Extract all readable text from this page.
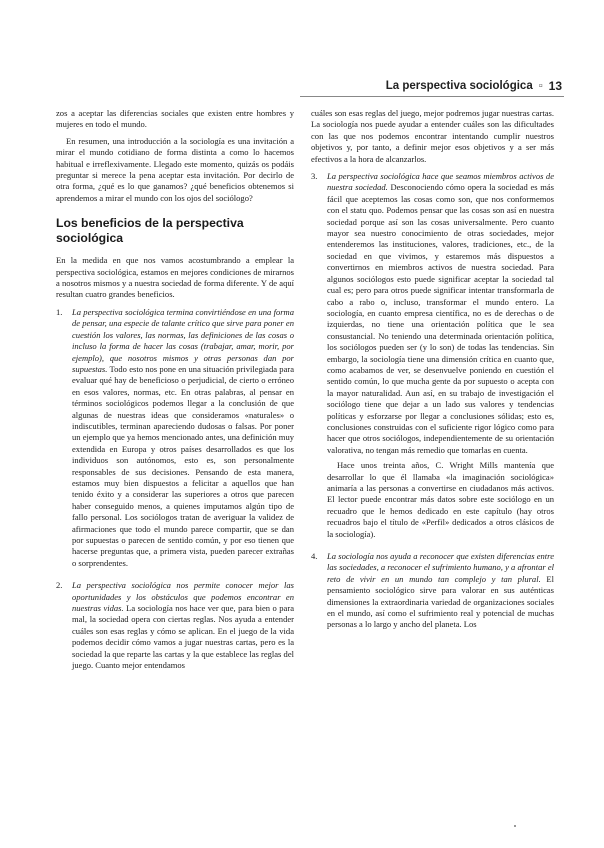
La perspectiva sociológica ▫ 13

zos a aceptar las diferencias sociales que existen entre hombres y mujeres en todo el mundo.

En resumen, una introducción a la sociología es una invitación a mirar el mundo cotidiano de forma distinta a como lo hacemos habitual e irreflexivamente. Llegado este momento, quizás os podáis preguntar si merece la pena aceptar esta invitación. Por decirlo de otra forma, ¿qué es lo que ganamos? ¿qué beneficios obtenemos si aprendemos a mirar el mundo con los ojos del sociólogo?

Los beneficios de la perspectiva sociológica

En la medida en que nos vamos acostumbrando a emplear la perspectiva sociológica, estamos en mejores condiciones de mirarnos a nosotros mismos y a nuestra sociedad de forma diferente. Y de aquí resultan cuatro grandes beneficios.

1.	La perspectiva sociológica termina convirtiéndose en una forma de pensar, una especie de talante crítico que sirve para poner en cuestión los valores, las normas, las definiciones de las cosas o incluso la forma de hacer las cosas (trabajar, amar, morir, por ejemplo), que nosotros mismos y otras personas dan por supuestas. Todo esto nos pone en una situación privilegiada para evaluar qué hay de beneficioso o perjudicial, de cierto o erróneo en esos valores, normas, etc. En otras palabras, al pensar en términos sociológicos podemos llegar a la conclusión de que algunas de nuestras ideas que consideramos «naturales» o indiscutibles, terminan apareciendo dudosas o falsas. Por poner un ejemplo que ya hemos mencionado antes, una definición muy extendida en Europa y otros países desarrollados es que los individuos son autónomos, esto es, son personalmente responsables de sus decisiones. Pensando de esta manera, estamos muy bien dispuestos a felicitar a aquellos que han tenido éxito y a considerar las superiores a otros que parecen haber conseguido menos, a quienes imputamos algún tipo de fallo personal. Los sociólogos tratan de averiguar la validez de afirmaciones que todo el mundo parece compartir, que se dan por supuestas o parecen de sentido común, y por eso tienen que hacerse preguntas que, a primera vista, pueden parecer extrañas o sorprendentes.

2.	La perspectiva sociológica nos permite conocer mejor las oportunidades y los obstáculos que podemos encontrar en nuestras vidas. La sociología nos hace ver que, para bien o para mal, la sociedad opera con ciertas reglas. Nos ayuda a entender cuáles son esas reglas y cómo se aplican. En el juego de la vida podemos decidir cómo vamos a jugar nuestras cartas, pero es la sociedad la que reparte las cartas y la que establece las reglas del juego. Cuanto mejor entendamos

cuáles son esas reglas del juego, mejor podremos jugar nuestras cartas. La sociología nos puede ayudar a entender cuáles son las dificultades con las que nos podemos encontrar intentando cumplir nuestros objetivos y, por tanto, a definir mejor esos objetivos y a ser más efectivos a la hora de alcanzarlos.

3.	La perspectiva sociológica hace que seamos miembros activos de nuestra sociedad. Desconociendo cómo opera la sociedad es más fácil que aceptemos las cosas como son, que nos conformemos con el statu quo. Podemos pensar que las cosas son así en nuestra sociedad porque así son las cosas universalmente. Pero cuanto mayor sea nuestro conocimiento de otras sociedades, mejor entenderemos las instituciones, valores, tradiciones, etc., de la sociedad en que vivimos, y estaremos más dispuestos a convertirnos en miembros activos de nuestra sociedad. Para algunos sociólogos esto puede significar aceptar la sociedad tal cual es; pero para otros puede significar intentar transformarla de cabo a rabo o, incluso, transformar el mundo entero. La sociología, en cuanto empresa científica, no es de derechas o de izquierdas, no tiene una orientación política que le sea consustancial. No teniendo una determinada orientación política, los sociólogos pueden ser (y lo son) de todas las tendencias. Sin embargo, la sociología tiene una dimensión crítica en cuanto que, como acabamos de ver, se desenvuelve poniendo en cuestión el sentido común, lo que mucha gente da por supuesto o acepta con la mayor naturalidad. Aun así, en su trabajo de investigación el sociólogo tiene que dejar a un lado sus valores y tendencias políticas y esforzarse por llegar a conclusiones sólidas; esto es, conclusiones construidas con el suficiente rigor lógico como para hacer que otros sociólogos, independientemente de su orientación valorativa, no tengan más remedio que tomarlas en cuenta.

Hace unos treinta años, C. Wright Mills mantenía que desarrollar lo que él llamaba «la imaginación sociológica» animaría a las personas a convertirse en ciudadanos más activos. El lector puede encontrar más datos sobre este sociólogo en un recuadro que le hemos dedicado en este capítulo (hay otros recuadros bajo el título de «Perfil» dedicados a otros clásicos de la sociología).

4.	La sociología nos ayuda a reconocer que existen diferencias entre las sociedades, a reconocer el sufrimiento humano, y a afrontar el reto de vivir en un mundo tan complejo y tan plural. El pensamiento sociológico sirve para valorar en sus auténticas dimensiones la extraordinaria variedad de organizaciones sociales en el mundo, así como el sufrimiento real y potencial de muchas personas a lo largo y ancho del planeta. Los
